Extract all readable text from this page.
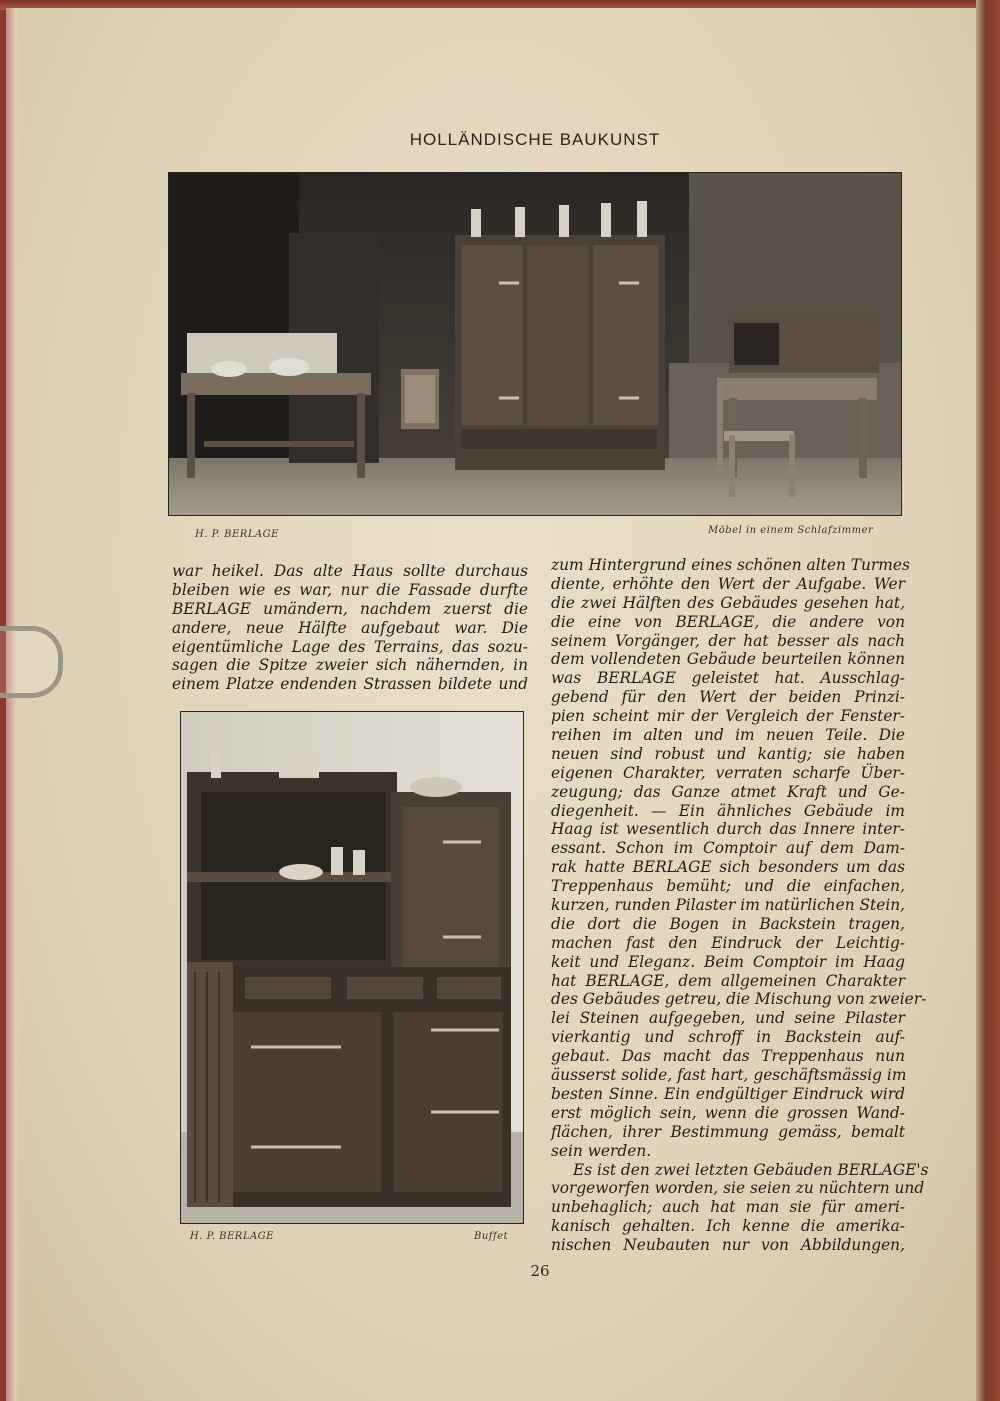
HOLLÄNDISCHE BAUKUNST
H. P. BERLAGE	Möbel in einem Schlafzimmer
war heikel. Das alte Haus sollte durchaus
bleiben wie es war, nur die Fassade durfte
BERLAGE umändern, nachdem zuerst die
andere, neue Hälfte aufgebaut war. Die
eigentümliche Lage des Terrains, das sozu-
sagen die Spitze zweier sich nähernden, in
einem Platze endenden Strassen bildete und
H. P. BERLAGE	Buffet
zum Hintergrund eines schönen alten Turmes
diente, erhöhte den Wert der Aufgabe. Wer
die zwei Hälften des Gebäudes gesehen hat,
die eine von BERLAGE, die andere von
seinem Vorgänger, der hat besser als nach
dem vollendeten Gebäude beurteilen können
was BERLAGE geleistet hat. Ausschlag-
gebend für den Wert der beiden Prinzi-
pien scheint mir der Vergleich der Fenster-
reihen im alten und im neuen Teile. Die
neuen sind robust und kantig; sie haben
eigenen Charakter, verraten scharfe Über-
zeugung; das Ganze atmet Kraft und Ge-
diegenheit. — Ein ähnliches Gebäude im
Haag ist wesentlich durch das Innere inter-
essant. Schon im Comptoir auf dem Dam-
rak hatte BERLAGE sich besonders um das
Treppenhaus bemüht; und die einfachen,
kurzen, runden Pilaster im natürlichen Stein,
die dort die Bogen in Backstein tragen,
machen fast den Eindruck der Leichtig-
keit und Eleganz. Beim Comptoir im Haag
hat BERLAGE, dem allgemeinen Charakter
des Gebäudes getreu, die Mischung von zweier-
lei Steinen aufgegeben, und seine Pilaster
vierkantig und schroff in Backstein auf-
gebaut. Das macht das Treppenhaus nun
äusserst solide, fast hart, geschäftsmässig im
besten Sinne. Ein endgültiger Eindruck wird
erst möglich sein, wenn die grossen Wand-
flächen, ihrer Bestimmung gemäss, bemalt
sein werden.
Es ist den zwei letzten Gebäuden BERLAGE's
vorgeworfen worden, sie seien zu nüchtern und
unbehaglich; auch hat man sie für ameri-
kanisch gehalten. Ich kenne die amerika-
nischen Neubauten nur von Abbildungen,
26
